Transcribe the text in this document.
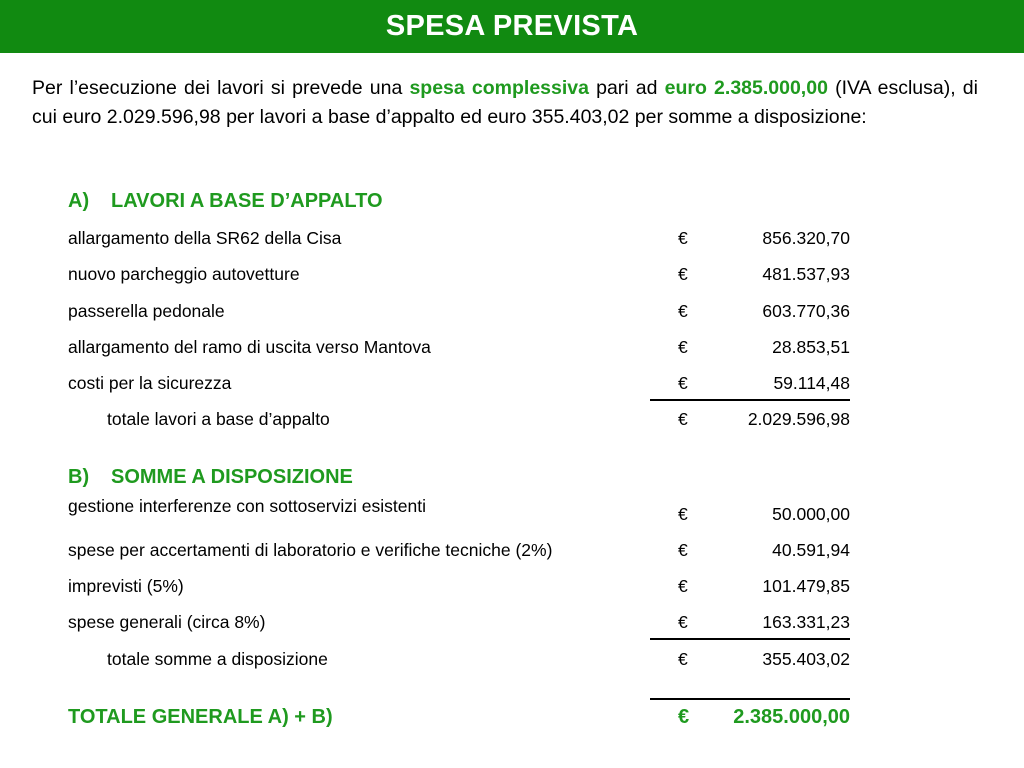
SPESA PREVISTA

Per l’esecuzione dei lavori si prevede una spesa complessiva pari ad euro 2.385.000,00 (IVA esclusa), di cui euro 2.029.596,98 per lavori a base d’appalto ed euro 355.403,02 per somme a disposizione:

A) LAVORI A BASE D’APPALTO
allargamento della SR62 della Cisa	€	856.320,70
nuovo parcheggio autovetture	€	481.537,93
passerella pedonale	€	603.770,36
allargamento del ramo di uscita verso Mantova	€	28.853,51
costi per la sicurezza	€	59.114,48
totale lavori a base d’appalto	€	2.029.596,98
B) SOMME A DISPOSIZIONE
gestione interferenze con sottoservizi esistenti	€	50.000,00
spese per accertamenti di laboratorio e verifiche tecniche (2%)	€	40.591,94
imprevisti (5%)	€	101.479,85
spese generali (circa 8%)	€	163.331,23
totale somme a disposizione	€	355.403,02
TOTALE GENERALE A) + B)	€ 2.385.000,00
